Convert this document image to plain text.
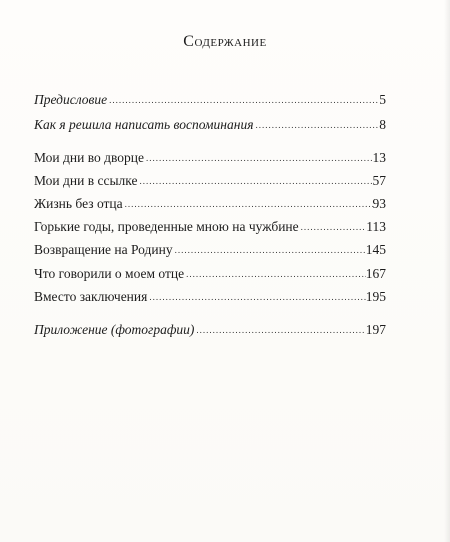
Содержание
Предисловие .....	5
Как я решила написать воспоминания .....	8
Мои дни во дворце .....	13
Мои дни в ссылке .....	57
Жизнь без отца .....	93
Горькие годы, проведенные мною на чужбине .....	113
Возвращение на Родину .....	145
Что говорили о моем отце .....	167
Вместо заключения .....	195
Приложение (фотографии) .....	197
